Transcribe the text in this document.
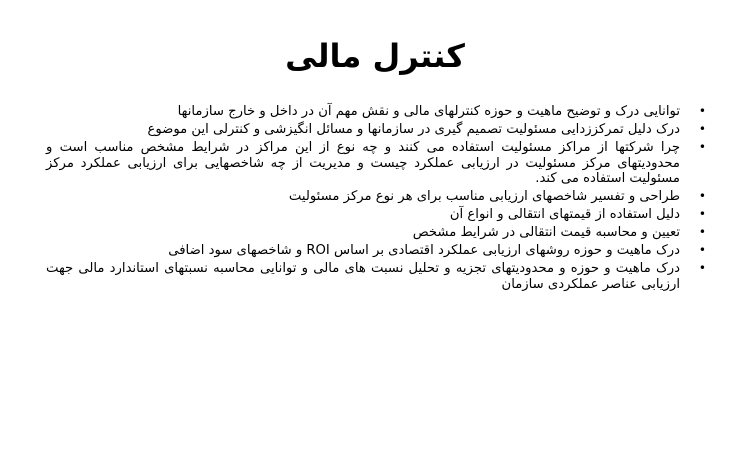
کنترل مالی
•
توانایی درک و توضیح ماهیت و حوزه کنترلهای مالی و نقش مهم آن در داخل و خارج سازمانها
•
درک دلیل تمرکززدایی مسئولیت تصمیم گیری در سازمانها و مسائل انگیزشی و کنترلی این موضوع
•
چرا شرکتها از مراکز مسئولیت استفاده می کنند و چه نوع از این مراکز در شرایط مشخص مناسب است و محدودیتهای مرکز مسئولیت در ارزیابی عملکرد چیست و مدیریت از چه شاخصهایی برای ارزیابی عملکرد مرکز مسئولیت استفاده می کند.
•
طراحی و تفسیر شاخصهای ارزیابی مناسب برای هر نوع مرکز مسئولیت
•
دلیل استفاده از قیمتهای انتقالی و انواع آن
•
تعیین و محاسبه قیمت انتقالی در شرایط مشخص
•
درک ماهیت و حوزه روشهای ارزیابی عملکرد اقتصادی بر اساس ROI و شاخصهای سود اضافی
•
درک ماهیت و حوزه و محدودیتهای تجزیه و تحلیل نسبت های مالی و توانایی محاسبه نسبتهای استاندارد مالی جهت ارزیابی عناصر عملکردی سازمان
